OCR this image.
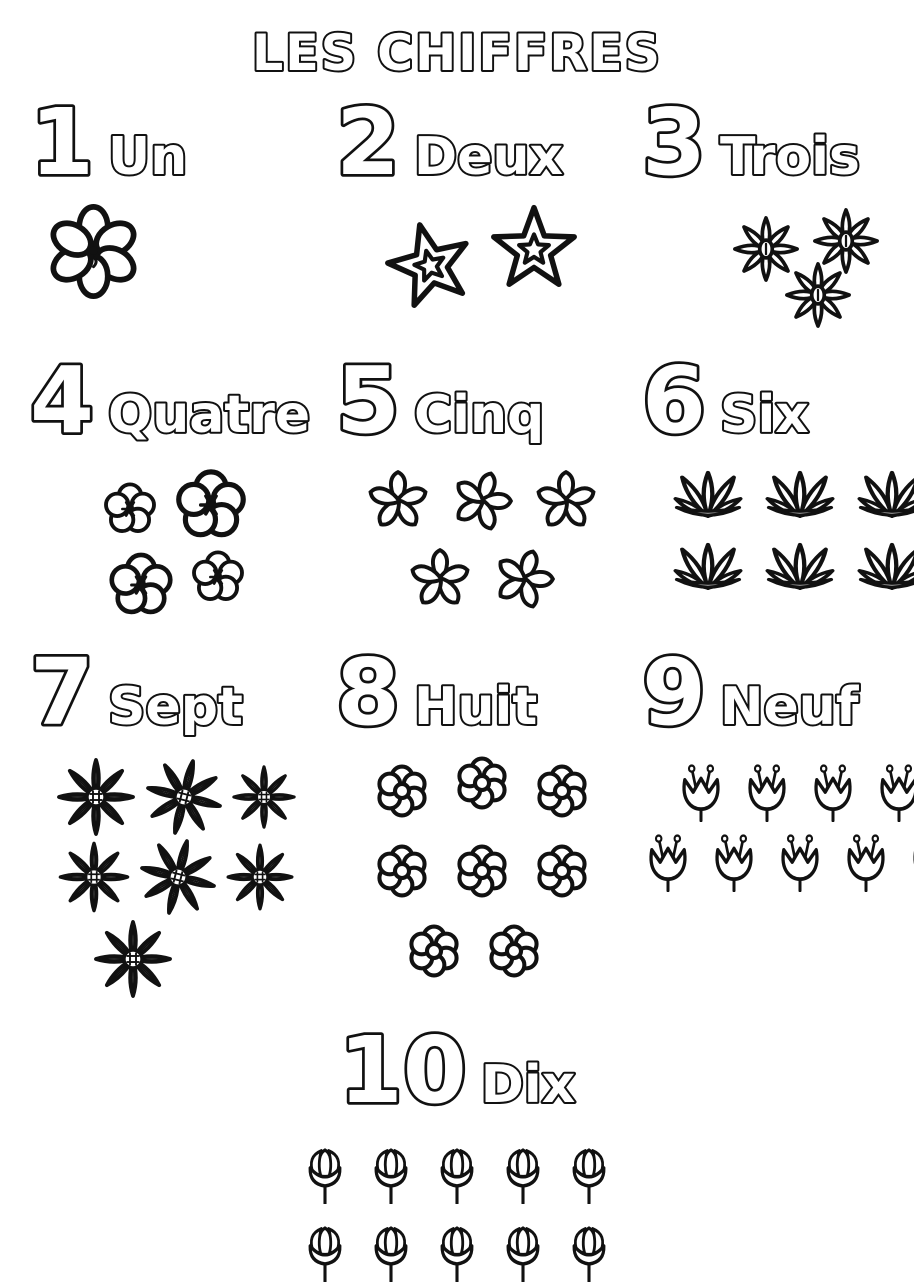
LES CHIFFRES
1 Un 2 Deux 3 Trois
4 Quatre 5 Cinq 6 Six
7 Sept 8 Huit 9 Neuf
10 Dix
